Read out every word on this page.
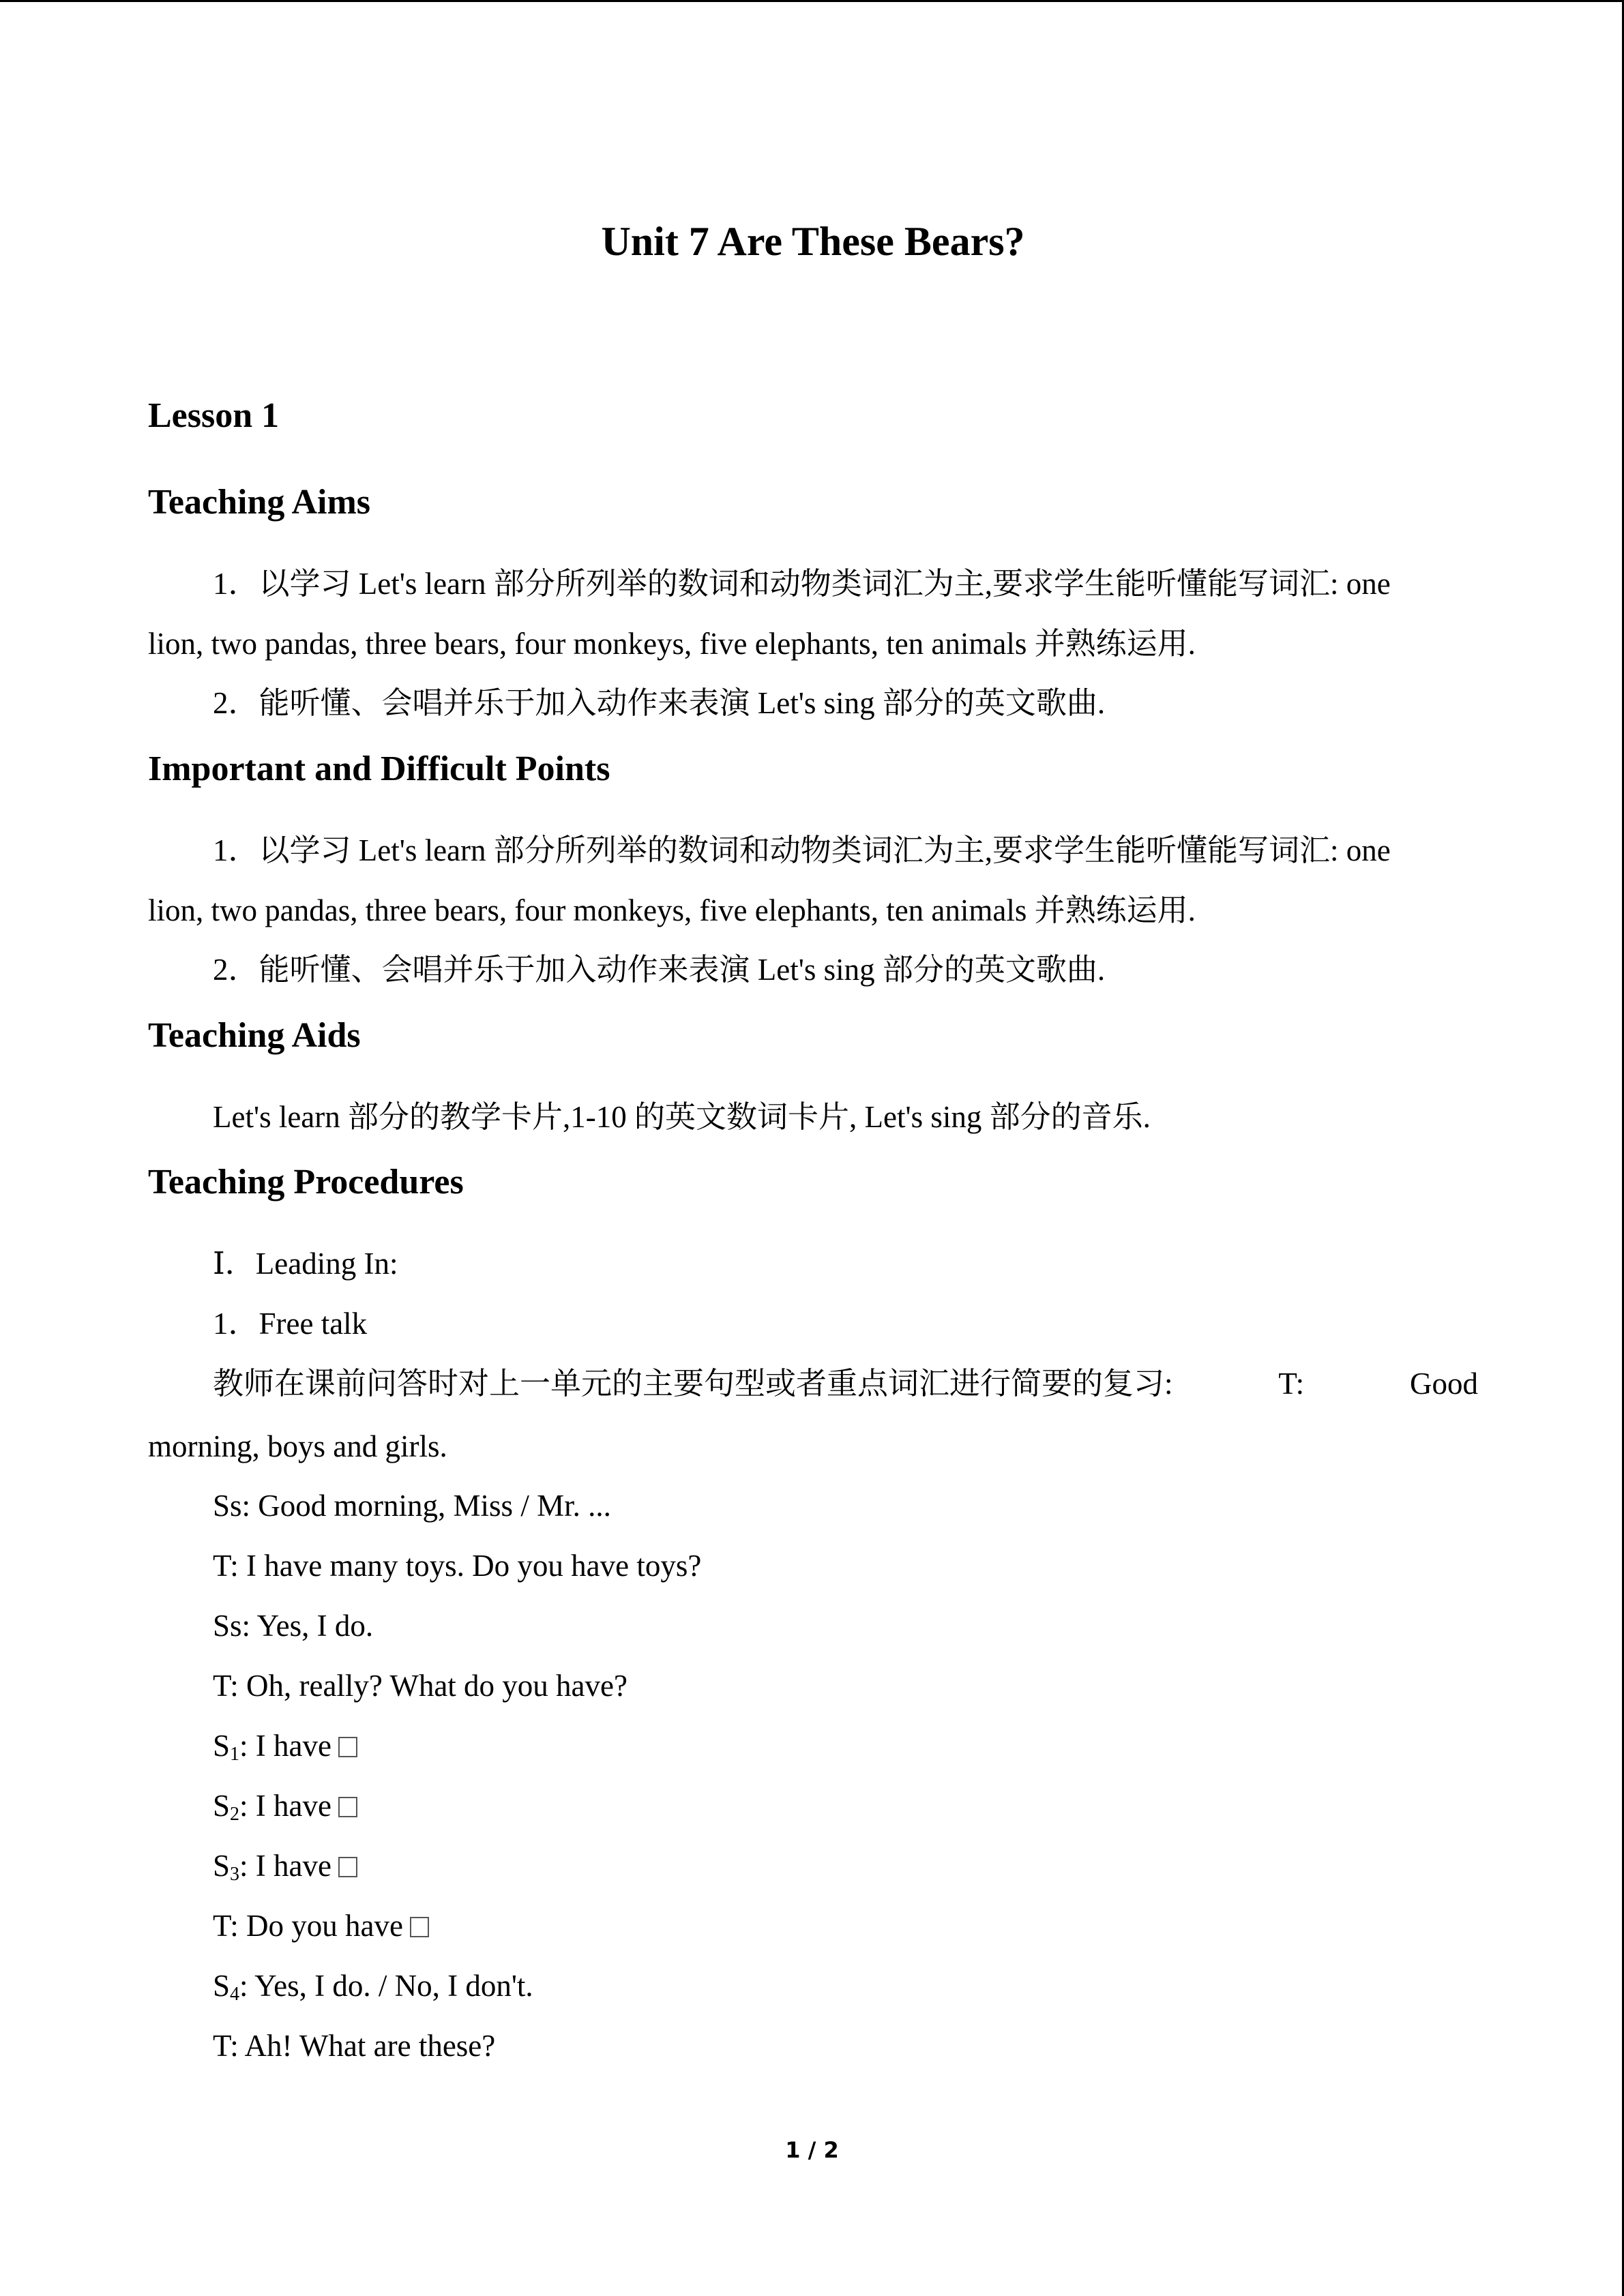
Unit 7 Are These Bears?
Lesson 1
Teaching Aims
1．以学习 Let's learn 部分所列举的数词和动物类词汇为主,要求学生能听懂能写词汇: one
lion, two pandas, three bears, four monkeys, five elephants, ten animals 并熟练运用.
2．能听懂、会唱并乐于加入动作来表演 Let's sing 部分的英文歌曲.
Important and Difficult Points
1．以学习 Let's learn 部分所列举的数词和动物类词汇为主,要求学生能听懂能写词汇: one
lion, two pandas, three bears, four monkeys, five elephants, ten animals 并熟练运用.
2．能听懂、会唱并乐于加入动作来表演 Let's sing 部分的英文歌曲.
Teaching Aids
Let's learn 部分的教学卡片,1-10 的英文数词卡片, Let's sing 部分的音乐.
Teaching Procedures
Ⅰ．Leading In:
1．Free talk
教师在课前问答时对上一单元的主要句型或者重点词汇进行简要的复习:	T:	Good
morning, boys and girls.
Ss: Good morning, Miss / Mr. ...
T: I have many toys. Do you have toys?
Ss: Yes, I do.
T: Oh, really? What do you have?
$S_1$: I have
$S_2$: I have
$S_3$: I have
T: Do you have
$S_4$: Yes, I do. / No, I don't.
T: Ah! What are these?
1 / 2
